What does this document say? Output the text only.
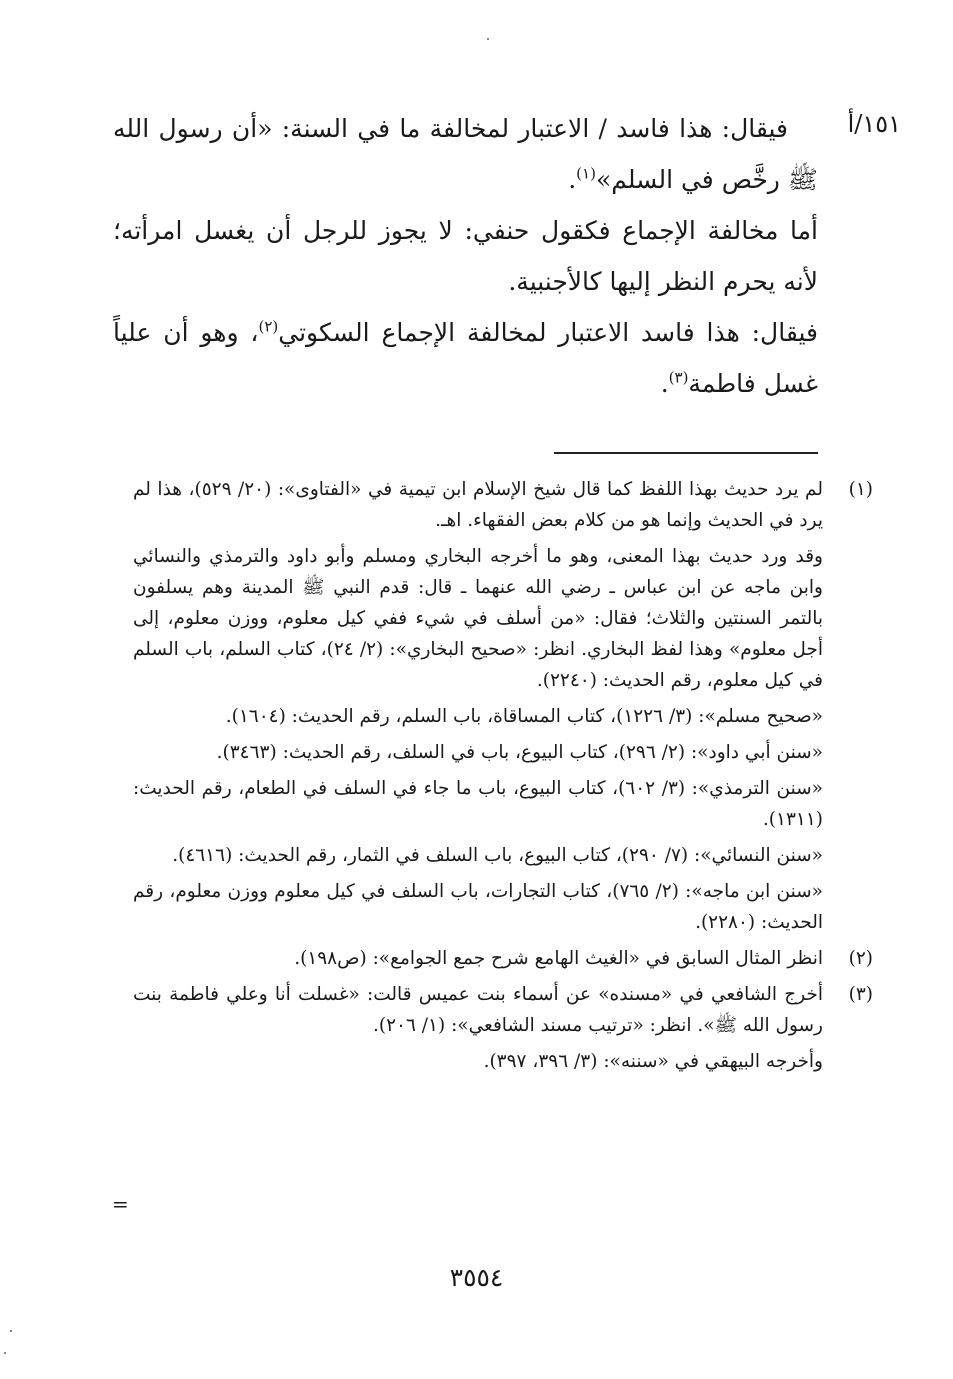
١٥١/أ

فيقال: هذا فاسد / الاعتبار لمخالفة ما في السنة: «أن رسول الله ﷺ رخَّص في السلم»$^{(١)}$.

أما مخالفة الإجماع فكقول حنفي: لا يجوز للرجل أن يغسل امرأته؛ لأنه يحرم النظر إليها كالأجنبية.

فيقال: هذا فاسد الاعتبار لمخالفة الإجماع السكوتي$^{(٢)}$، وهو أن علياً غسل فاطمة$^{(٣)}$.

(١)

لم يرد حديث بهذا اللفظ كما قال شيخ الإسلام ابن تيمية في «الفتاوى»: (٢٠/ ٥٢٩)، هذا لم يرد في الحديث وإنما هو من كلام بعض الفقهاء. اهـ.

وقد ورد حديث بهذا المعنى، وهو ما أخرجه البخاري ومسلم وأبو داود والترمذي والنسائي وابن ماجه عن ابن عباس ـ رضي الله عنهما ـ قال: قدم النبي ﷺ المدينة وهم يسلفون بالتمر السنتين والثلاث؛ فقال: «من أسلف في شيء ففي كيل معلوم، ووزن معلوم، إلى أجل معلوم» وهذا لفظ البخاري. انظر: «صحيح البخاري»: (٢/ ٢٤)، كتاب السلم، باب السلم في كيل معلوم، رقم الحديث: (٢٢٤٠).

«صحيح مسلم»: (٣/ ١٢٢٦)، كتاب المساقاة، باب السلم، رقم الحديث: (١٦٠٤).

«سنن أبي داود»: (٢/ ٢٩٦)، كتاب البيوع، باب في السلف، رقم الحديث: (٣٤٦٣).

«سنن الترمذي»: (٣/ ٦٠٢)، كتاب البيوع، باب ما جاء في السلف في الطعام، رقم الحديث: (١٣١١).

«سنن النسائي»: (٧/ ٢٩٠)، كتاب البيوع، باب السلف في الثمار، رقم الحديث: (٤٦١٦).

«سنن ابن ماجه»: (٢/ ٧٦٥)، كتاب التجارات، باب السلف في كيل معلوم ووزن معلوم، رقم الحديث: (٢٢٨٠).

(٢)

انظر المثال السابق في «الغيث الهامع شرح جمع الجوامع»: (ص١٩٨).

(٣)

أخرج الشافعي في «مسنده» عن أسماء بنت عميس قالت: «غسلت أنا وعلي فاطمة بنت رسول الله ﷺ». انظر: «ترتيب مسند الشافعي»: (١/ ٢٠٦).

وأخرجه البيهقي في «سننه»: (٣/ ٣٩٦، ٣٩٧).

=
٣٥٥٤
